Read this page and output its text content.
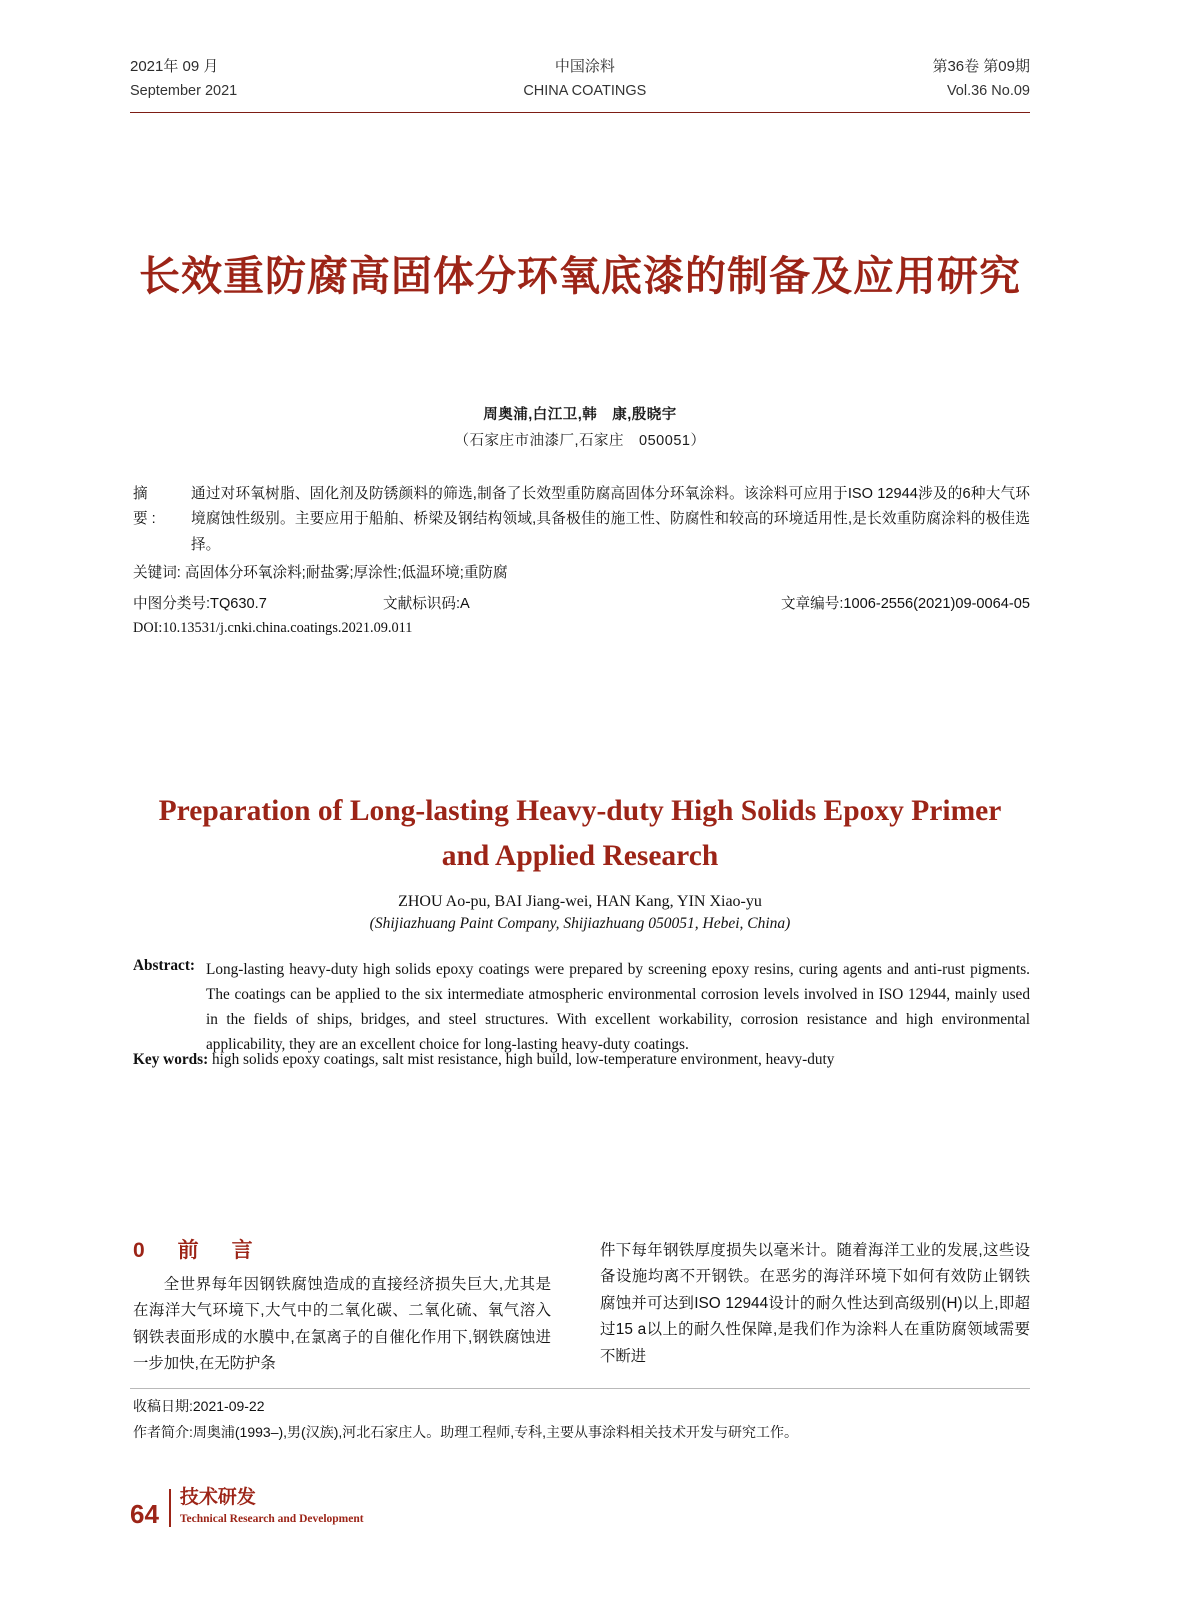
2021年 09 月
September 2021
中国涂料
CHINA COATINGS
第36卷 第09期
Vol.36 No.09
长效重防腐高固体分环氧底漆的制备及应用研究
周奥浦,白江卫,韩　康,殷晓宇
（石家庄市油漆厂,石家庄　050051）
摘　要:
通过对环氧树脂、固化剂及防锈颜料的筛选,制备了长效型重防腐高固体分环氧涂料。该涂料可应用于ISO 12944涉及的6种大气环境腐蚀性级别。主要应用于船舶、桥梁及钢结构领域,具备极佳的施工性、防腐性和较高的环境适用性,是长效重防腐涂料的极佳选择。
关键词: 高固体分环氧涂料;耐盐雾;厚涂性;低温环境;重防腐
中图分类号:TQ630.7	文献标识码:A	文章编号:1006-2556(2021)09-0064-05
DOI:10.13531/j.cnki.china.coatings.2021.09.011
Preparation of Long-lasting Heavy-duty High Solids Epoxy Primer and Applied Research
ZHOU Ao-pu, BAI Jiang-wei, HAN Kang, YIN Xiao-yu
(Shijiazhuang Paint Company, Shijiazhuang 050051, Hebei, China)
Abstract: Long-lasting heavy-duty high solids epoxy coatings were prepared by screening epoxy resins, curing agents and anti-rust pigments. The coatings can be applied to the six intermediate atmospheric environmental corrosion levels involved in ISO 12944, mainly used in the fields of ships, bridges, and steel structures. With excellent workability, corrosion resistance and high environmental applicability, they are an excellent choice for long-lasting heavy-duty coatings.
Key words: high solids epoxy coatings, salt mist resistance, high build, low-temperature environment, heavy-duty
0　前　言
全世界每年因钢铁腐蚀造成的直接经济损失巨大,尤其是在海洋大气环境下,大气中的二氧化碳、二氧化硫、氧气溶入钢铁表面形成的水膜中,在氯离子的自催化作用下,钢铁腐蚀进一步加快,在无防护条
件下每年钢铁厚度损失以毫米计。随着海洋工业的发展,这些设备设施均离不开钢铁。在恶劣的海洋环境下如何有效防止钢铁腐蚀并可达到ISO 12944设计的耐久性达到高级别(H)以上,即超过15 a以上的耐久性保障,是我们作为涂料人在重防腐领域需要不断进
收稿日期:2021-09-22
作者简介:周奥浦(1993–),男(汉族),河北石家庄人。助理工程师,专科,主要从事涂料相关技术开发与研究工作。
64
技术研发
Technical Research and Development
